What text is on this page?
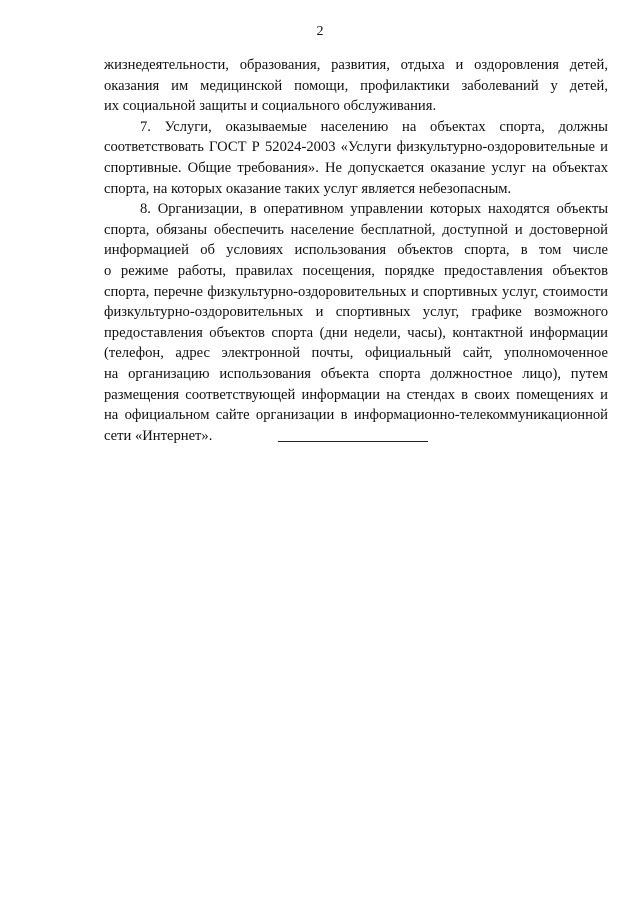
2
жизнедеятельности, образования, развития, отдыха и оздоровления детей,
оказания им медицинской помощи, профилактики заболеваний у детей,
их социальной защиты и социального обслуживания.
7. Услуги, оказываемые населению на объектах спорта, должны
соответствовать ГОСТ Р 52024-2003 «Услуги физкультурно-оздоровительные и
спортивные. Общие требования». Не допускается оказание услуг на объектах
спорта, на которых оказание таких услуг является небезопасным.
8. Организации, в оперативном управлении которых находятся объекты
спорта, обязаны обеспечить население бесплатной, доступной и достоверной
информацией об условиях использования объектов спорта, в том числе
о режиме работы, правилах посещения, порядке предоставления объектов
спорта, перечне физкультурно-оздоровительных и спортивных услуг, стоимости
физкультурно-оздоровительных и спортивных услуг, графике возможного
предоставления объектов спорта (дни недели, часы), контактной информации
(телефон, адрес электронной почты, официальный сайт, уполномоченное
на организацию использования объекта спорта должностное лицо), путем
размещения соответствующей информации на стендах в своих помещениях и
на официальном сайте организации в информационно-телекоммуникационной
сети «Интернет».
